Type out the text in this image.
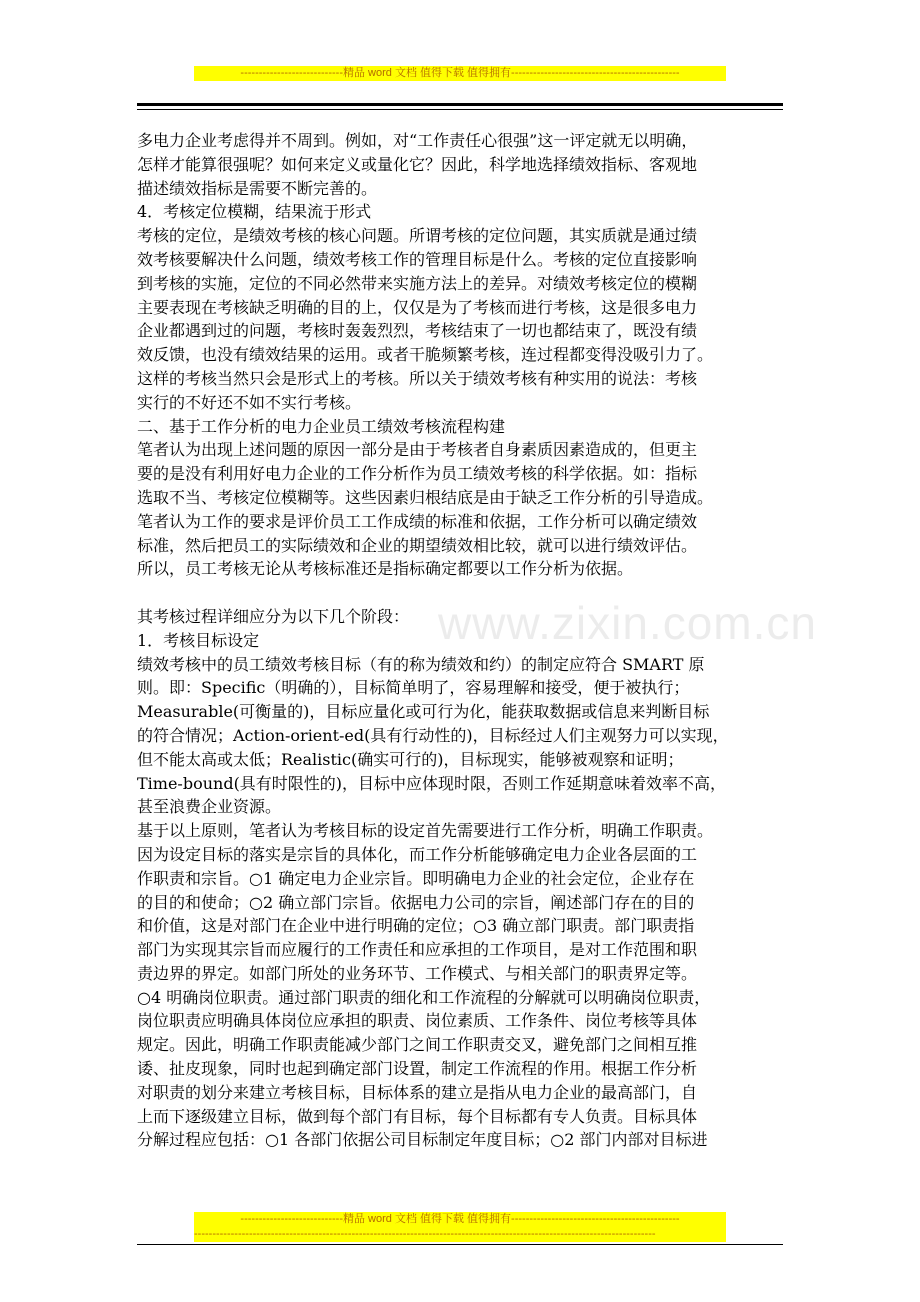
----------------------------精品 word 文档 值得下载 值得拥有----------------------------------------------
www.zixin.com.cn

多电力企业考虑得并不周到。例如，对“工作责任心很强”这一评定就无以明确，

怎样才能算很强呢？如何来定义或量化它？因此，科学地选择绩效指标、客观地

描述绩效指标是需要不断完善的。

4．考核定位模糊，结果流于形式

考核的定位，是绩效考核的核心问题。所谓考核的定位问题，其实质就是通过绩

效考核要解决什么问题，绩效考核工作的管理目标是什么。考核的定位直接影响

到考核的实施，定位的不同必然带来实施方法上的差异。对绩效考核定位的模糊

主要表现在考核缺乏明确的目的上，仅仅是为了考核而进行考核，这是很多电力

企业都遇到过的问题，考核时轰轰烈烈，考核结束了一切也都结束了，既没有绩

效反馈，也没有绩效结果的运用。或者干脆频繁考核，连过程都变得没吸引力了。

这样的考核当然只会是形式上的考核。所以关于绩效考核有种实用的说法：考核

实行的不好还不如不实行考核。

二、基于工作分析的电力企业员工绩效考核流程构建

笔者认为出现上述问题的原因一部分是由于考核者自身素质因素造成的，但更主

要的是没有利用好电力企业的工作分析作为员工绩效考核的科学依据。如：指标

选取不当、考核定位模糊等。这些因素归根结底是由于缺乏工作分析的引导造成。

笔者认为工作的要求是评价员工工作成绩的标准和依据，工作分析可以确定绩效

标准，然后把员工的实际绩效和企业的期望绩效相比较，就可以进行绩效评估。

所以，员工考核无论从考核标准还是指标确定都要以工作分析为依据。

其考核过程详细应分为以下几个阶段：

1．考核目标设定

绩效考核中的员工绩效考核目标（有的称为绩效和约）的制定应符合 SMART 原

则。即：Specific（明确的），目标简单明了，容易理解和接受，便于被执行；

Measurable(可衡量的)，目标应量化或可行为化，能获取数据或信息来判断目标

的符合情况；Action-orient-ed(具有行动性的)，目标经过人们主观努力可以实现，

但不能太高或太低；Realistic(确实可行的)，目标现实，能够被观察和证明；

Time-bound(具有时限性的)，目标中应体现时限，否则工作延期意味着效率不高，

甚至浪费企业资源。

基于以上原则，笔者认为考核目标的设定首先需要进行工作分析，明确工作职责。

因为设定目标的落实是宗旨的具体化，而工作分析能够确定电力企业各层面的工

作职责和宗旨。○1 确定电力企业宗旨。即明确电力企业的社会定位，企业存在

的目的和使命；○2 确立部门宗旨。依据电力公司的宗旨，阐述部门存在的目的

和价值，这是对部门在企业中进行明确的定位；○3 确立部门职责。部门职责指

部门为实现其宗旨而应履行的工作责任和应承担的工作项目，是对工作范围和职

责边界的界定。如部门所处的业务环节、工作模式、与相关部门的职责界定等。

○4 明确岗位职责。通过部门职责的细化和工作流程的分解就可以明确岗位职责，

岗位职责应明确具体岗位应承担的职责、岗位素质、工作条件、岗位考核等具体

规定。因此，明确工作职责能减少部门之间工作职责交叉，避免部门之间相互推

诿、扯皮现象，同时也起到确定部门设置，制定工作流程的作用。根据工作分析

对职责的划分来建立考核目标，目标体系的建立是指从电力企业的最高部门，自

上而下逐级建立目标，做到每个部门有目标，每个目标都有专人负责。目标具体

分解过程应包括：○1 各部门依据公司目标制定年度目标；○2 部门内部对目标进

----------------------------精品 word 文档 值得下载 值得拥有----------------------------------------------
------------------------------------------------------------------------------------------------------------------------------
